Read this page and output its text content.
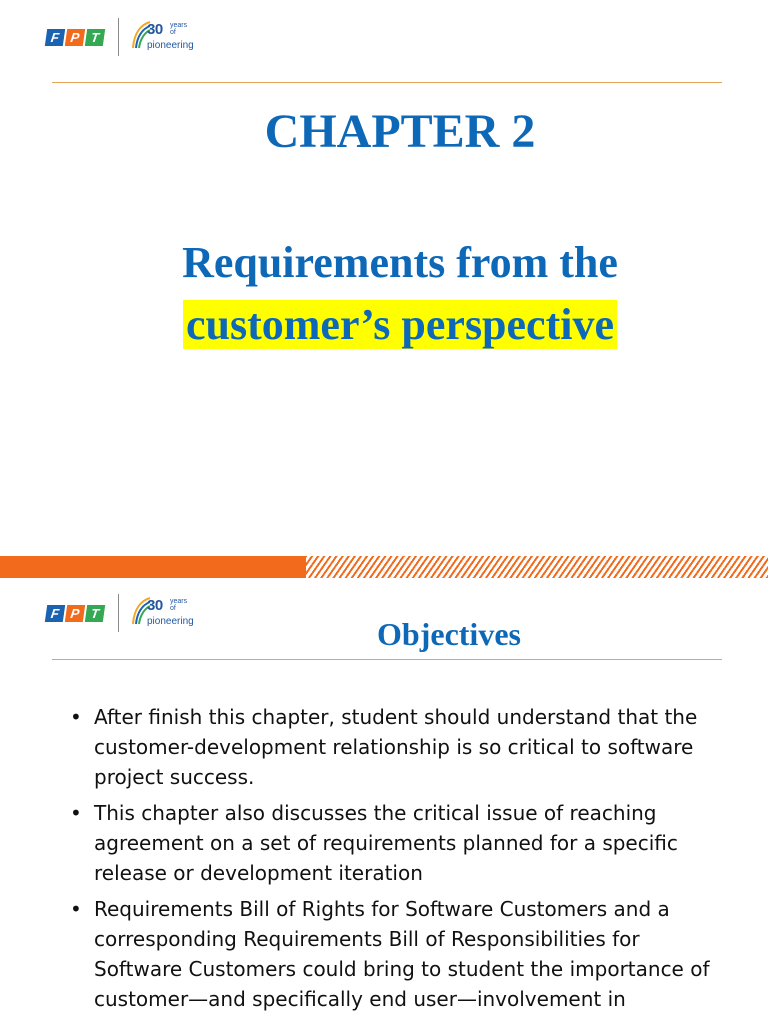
F P T	30 years
of
pioneering
CHAPTER 2
Requirements from the
customer’s perspective
F P T	30 years
of
pioneering	Objectives
• After finish this chapter, student should understand that the customer-development relationship is so critical to software project success.
• This chapter also discusses the critical issue of reaching agreement on a set of requirements planned for a specific release or development iteration
• Requirements Bill of Rights for Software Customers and a corresponding Requirements Bill of Responsibilities for Software Customers could bring to student the importance of customer—and specifically end user—involvement in
